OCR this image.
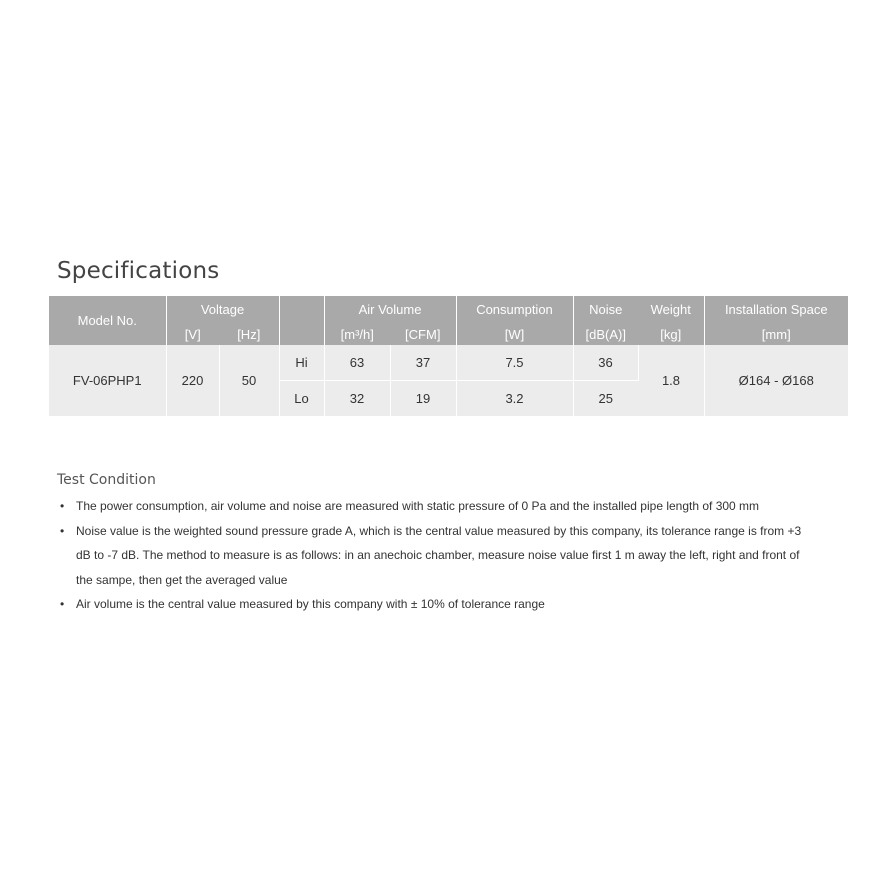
Specifications
Model No.	Voltage			Air Volume		Consumption	Noise	Weight	Installation Space
	[V]	[Hz]		[m³/h]	[CFM]	[W]	[dB(A)]	[kg]	[mm]
FV-06PHP1	220	50	Hi	63	37	7.5	36	1.8	Ø164 - Ø168
			Lo	32	19	3.2	25		
Test Condition
• The power consumption, air volume and noise are measured with static pressure of 0 Pa and the installed pipe length of 300 mm
• Noise value is the weighted sound pressure grade A, which is the central value measured by this company, its tolerance range is from +3 dB to -7 dB. The method to measure is as follows: in an anechoic chamber, measure noise value first 1 m away the left, right and front of the sampe, then get the averaged value
• Air volume is the central value measured by this company with ± 10% of tolerance range
